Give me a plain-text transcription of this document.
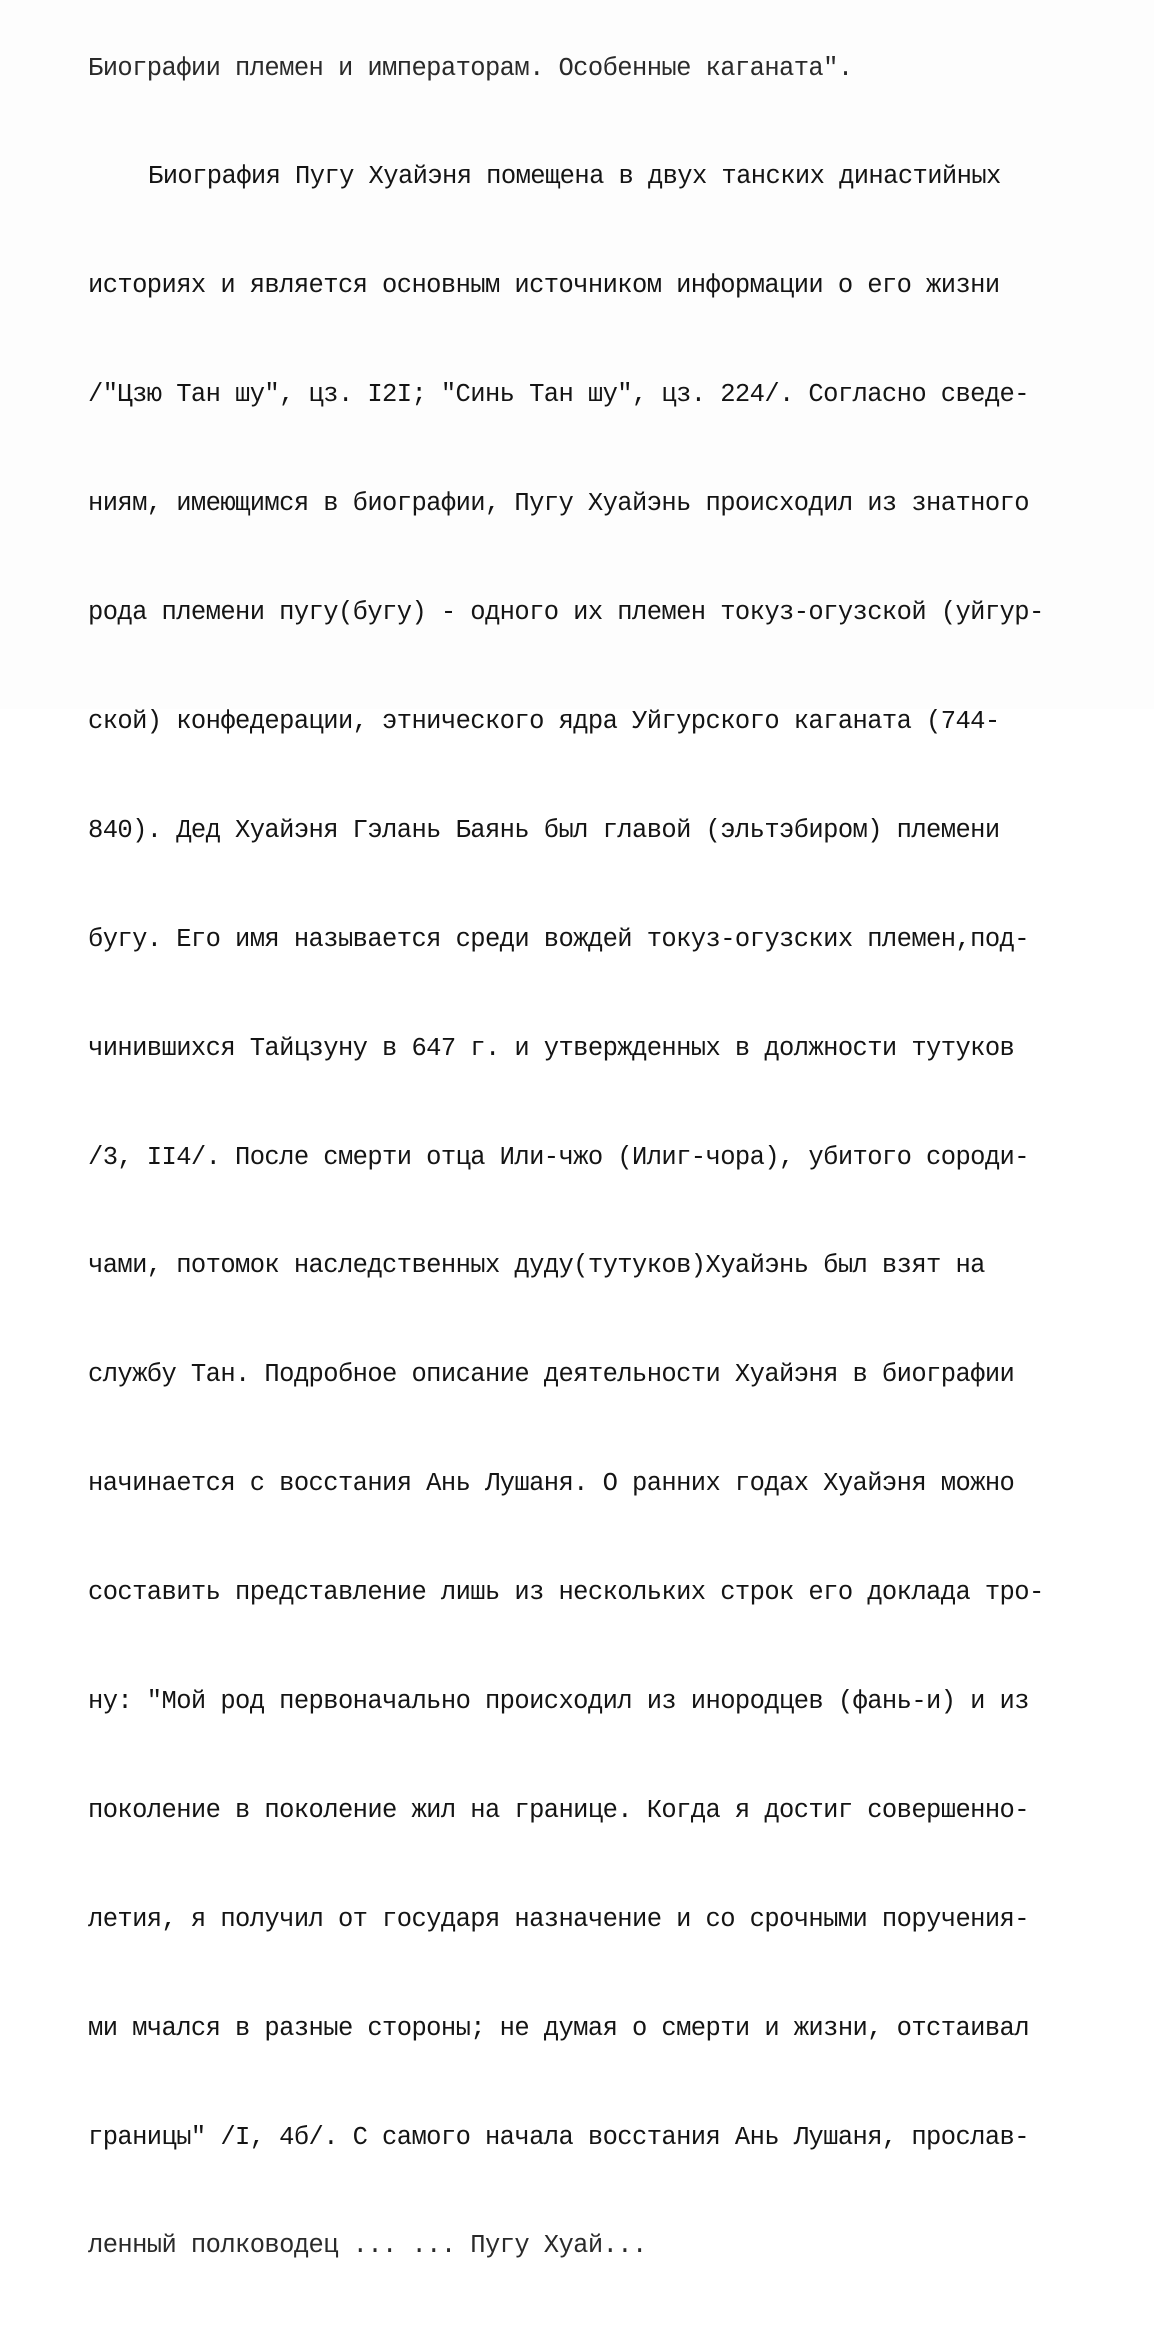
Биографии племен и императорам. Особенные каганата".

Биография Пугу Хуайэня помещена в двух танских династийных

историях и является основным источником информации о его жизни

/"Цзю Тан шу", цз. I2I; "Синь Тан шу", цз. 224/. Согласно сведе-

ниям, имеющимся в биографии, Пугу Хуайэнь происходил из знатного

рода племени пугу(бугу) - одного их племен токуз-огузской (уйгур-

ской) конфедерации, этнического ядра Уйгурского каганата (744-

840). Дед Хуайэня Гэлань Баянь был главой (эльтэбиром) племени

бугу. Его имя называется среди вождей токуз-огузских племен,под-

чинившихся Тайцзуну в 647 г. и утвержденных в должности тутуков

/3, II4/. После смерти отца Или-чжо (Илиг-чора), убитого сороди-

чами, потомок наследственных дуду(тутуков)Хуайэнь был взят на

службу Тан. Подробное описание деятельности Хуайэня в биографии

начинается с восстания Ань Лушаня. О ранних годах Хуайэня можно

составить представление лишь из нескольких строк его доклада тро-

ну: "Мой род первоначально происходил из инородцев (фань-и) и из

поколение в поколение жил на границе. Когда я достиг совершенно-

летия, я получил от государя назначение и со срочными поручения-

ми мчался в разные стороны; не думая о смерти и жизни, отстаивал

границы" /I, 4б/. С самого начала восстания Ань Лушаня, прослав-

ленный полководец ... ... Пугу Хуай...
